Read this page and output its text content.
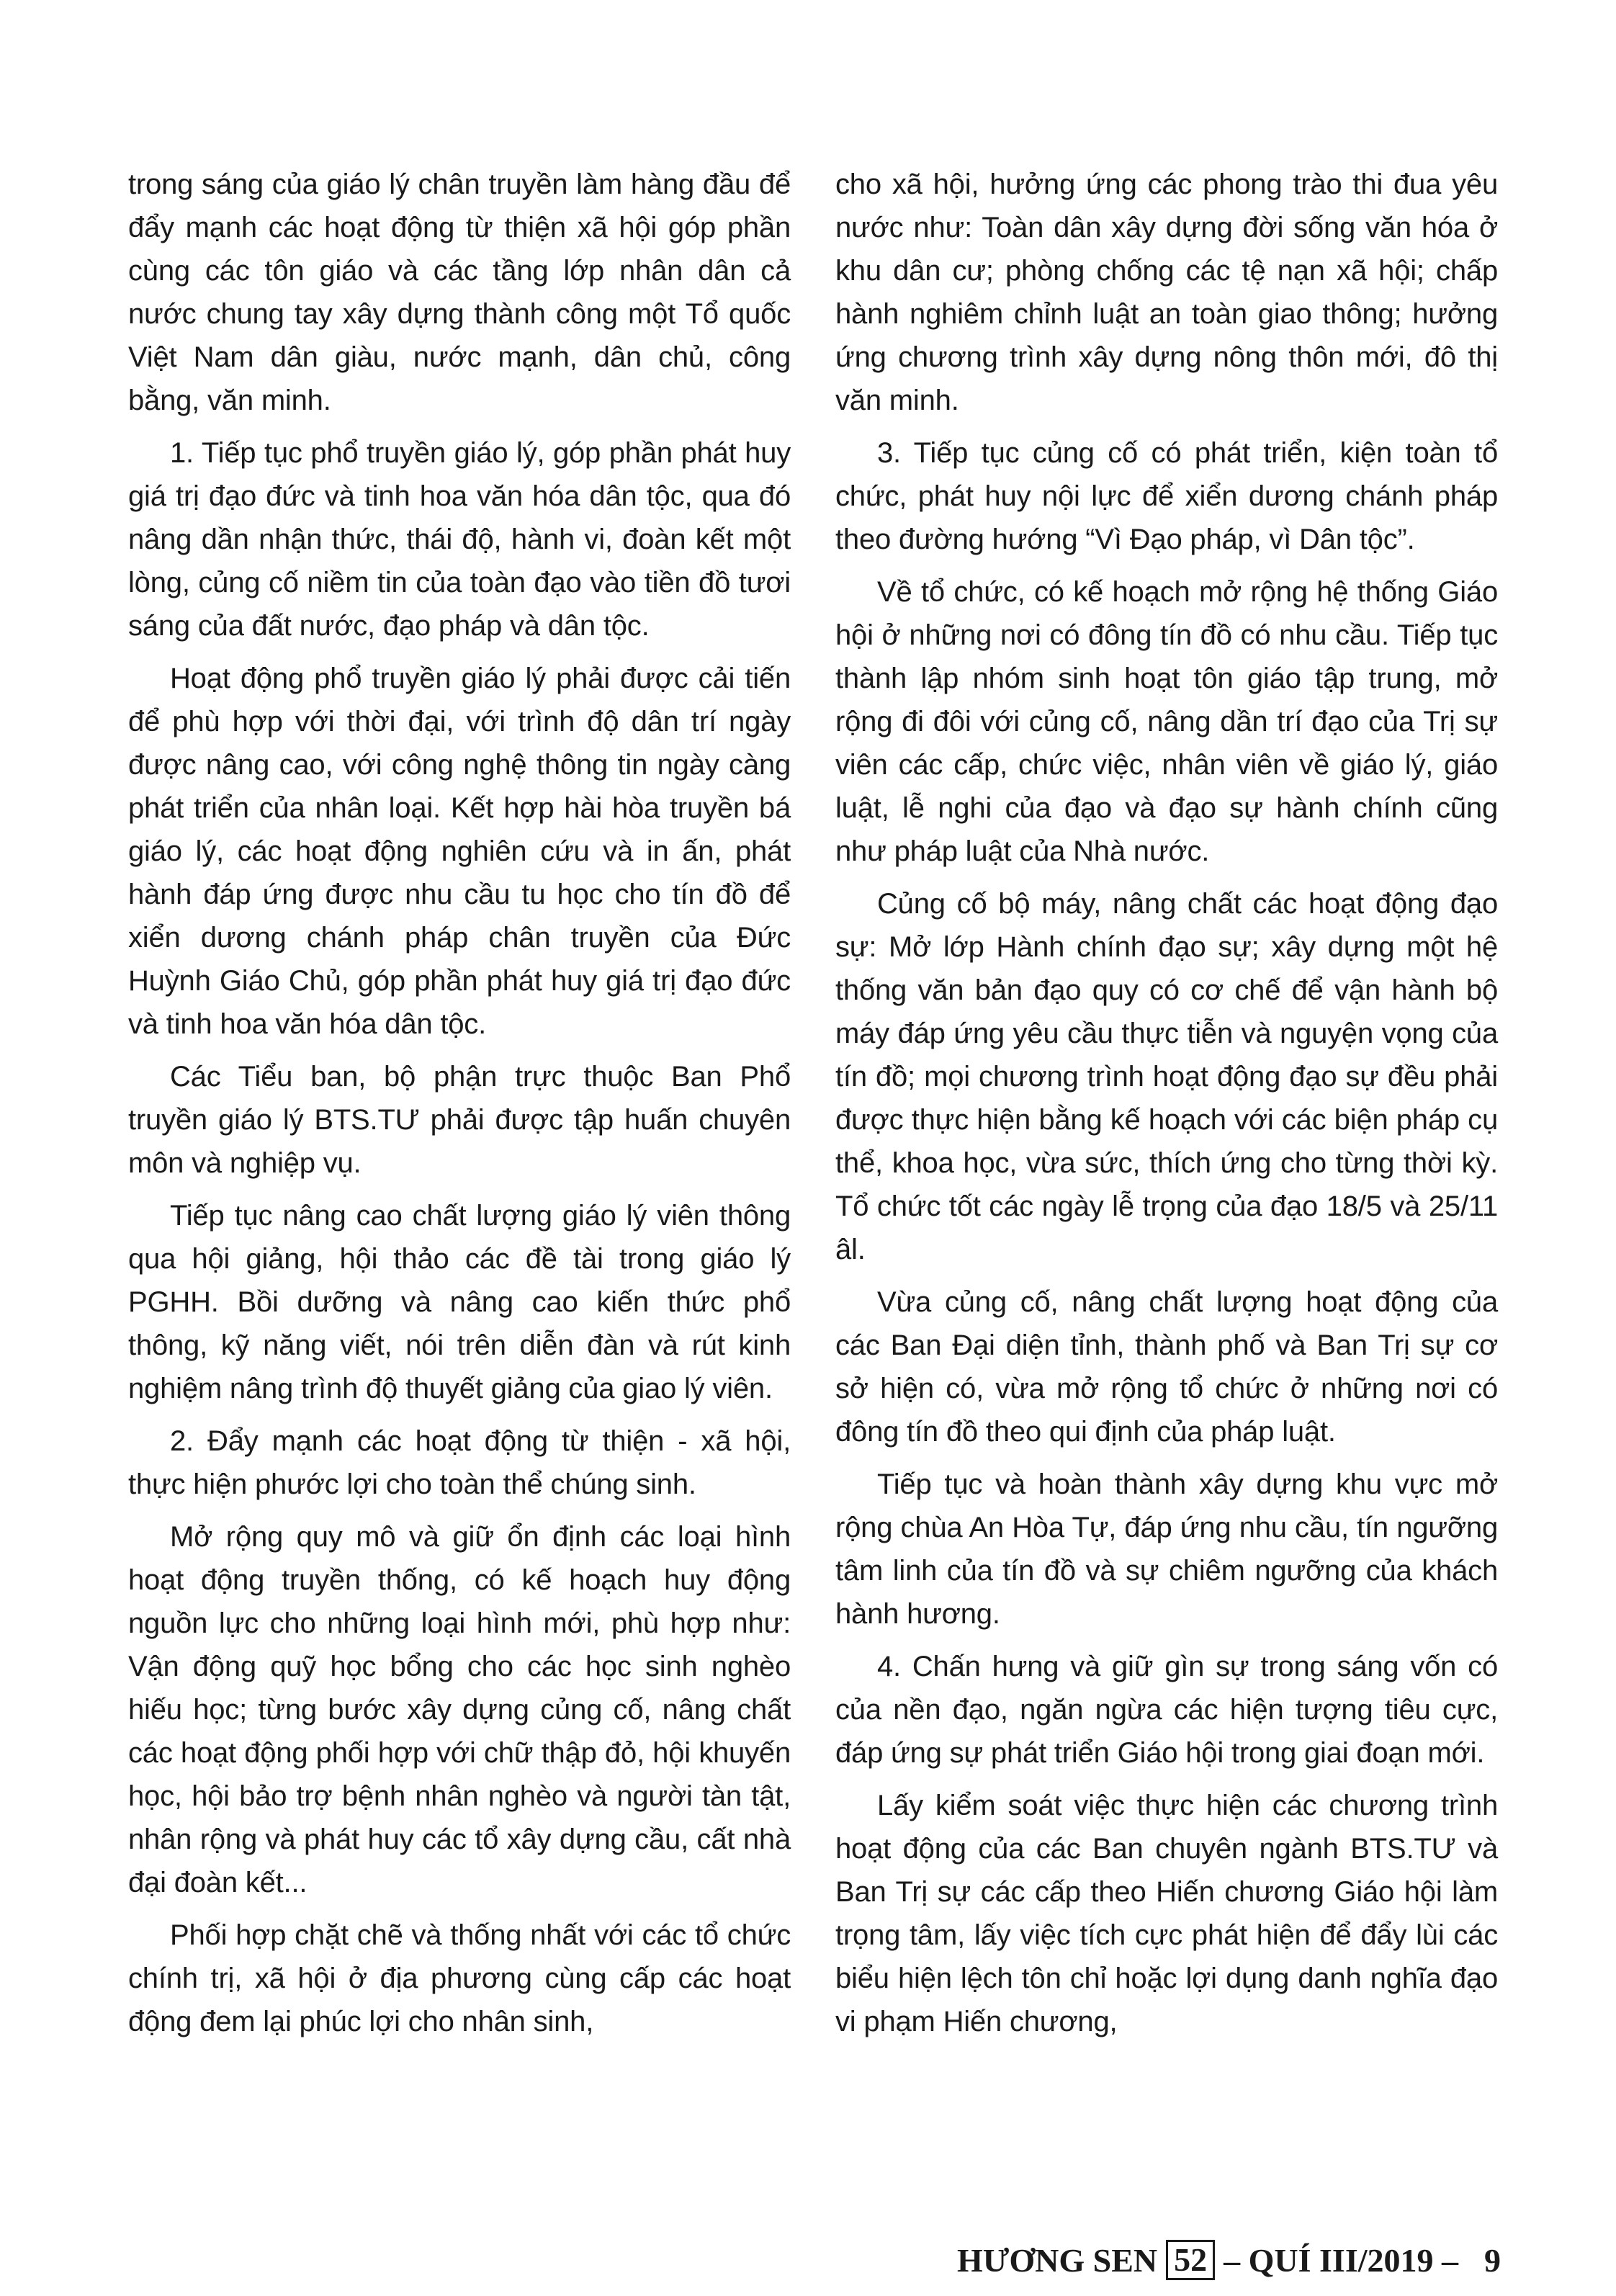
trong sáng của giáo lý chân truyền làm hàng đầu để đẩy mạnh các hoạt động từ thiện xã hội góp phần cùng các tôn giáo và các tầng lớp nhân dân cả nước chung tay xây dựng thành công một Tổ quốc Việt Nam dân giàu, nước mạnh, dân chủ, công bằng, văn minh.

1. Tiếp tục phổ truyền giáo lý, góp phần phát huy giá trị đạo đức và tinh hoa văn hóa dân tộc, qua đó nâng dần nhận thức, thái độ, hành vi, đoàn kết một lòng, củng cố niềm tin của toàn đạo vào tiền đồ tươi sáng của đất nước, đạo pháp và dân tộc.

Hoạt động phổ truyền giáo lý phải được cải tiến để phù hợp với thời đại, với trình độ dân trí ngày được nâng cao, với công nghệ thông tin ngày càng phát triển của nhân loại. Kết hợp hài hòa truyền bá giáo lý, các hoạt động nghiên cứu và in ấn, phát hành đáp ứng được nhu cầu tu học cho tín đồ để xiển dương chánh pháp chân truyền của Đức Huỳnh Giáo Chủ, góp phần phát huy giá trị đạo đức và tinh hoa văn hóa dân tộc.

Các Tiểu ban, bộ phận trực thuộc Ban Phổ truyền giáo lý BTS.TƯ phải được tập huấn chuyên môn và nghiệp vụ.

Tiếp tục nâng cao chất lượng giáo lý viên thông qua hội giảng, hội thảo các đề tài trong giáo lý PGHH. Bồi dưỡng và nâng cao kiến thức phổ thông, kỹ năng viết, nói trên diễn đàn và rút kinh nghiệm nâng trình độ thuyết giảng của giao lý viên.

2. Đẩy mạnh các hoạt động từ thiện - xã hội, thực hiện phước lợi cho toàn thể chúng sinh.

Mở rộng quy mô và giữ ổn định các loại hình hoạt động truyền thống, có kế hoạch huy động nguồn lực cho những loại hình mới, phù hợp như: Vận động quỹ học bổng cho các học sinh nghèo hiếu học; từng bước xây dựng củng cố, nâng chất các hoạt động phối hợp với chữ thập đỏ, hội khuyến học, hội bảo trợ bệnh nhân nghèo và người tàn tật, nhân rộng và phát huy các tổ xây dựng cầu, cất nhà đại đoàn kết...

Phối hợp chặt chẽ và thống nhất với các tổ chức chính trị, xã hội ở địa phương cùng cấp các hoạt động đem lại phúc lợi cho nhân sinh,

cho xã hội, hưởng ứng các phong trào thi đua yêu nước như: Toàn dân xây dựng đời sống văn hóa ở khu dân cư; phòng chống các tệ nạn xã hội; chấp hành nghiêm chỉnh luật an toàn giao thông; hưởng ứng chương trình xây dựng nông thôn mới, đô thị văn minh.

3. Tiếp tục củng cố có phát triển, kiện toàn tổ chức, phát huy nội lực để xiển dương chánh pháp theo đường hướng “Vì Đạo pháp, vì Dân tộc”.

Về tổ chức, có kế hoạch mở rộng hệ thống Giáo hội ở những nơi có đông tín đồ có nhu cầu. Tiếp tục thành lập nhóm sinh hoạt tôn giáo tập trung, mở rộng đi đôi với củng cố, nâng dần trí đạo của Trị sự viên các cấp, chức việc, nhân viên về giáo lý, giáo luật, lễ nghi của đạo và đạo sự hành chính cũng như pháp luật của Nhà nước.

Củng cố bộ máy, nâng chất các hoạt động đạo sự: Mở lớp Hành chính đạo sự; xây dựng một hệ thống văn bản đạo quy có cơ chế để vận hành bộ máy đáp ứng yêu cầu thực tiễn và nguyện vọng của tín đồ; mọi chương trình hoạt động đạo sự đều phải được thực hiện bằng kế hoạch với các biện pháp cụ thể, khoa học, vừa sức, thích ứng cho từng thời kỳ. Tổ chức tốt các ngày lễ trọng của đạo 18/5 và 25/11 âl.

Vừa củng cố, nâng chất lượng hoạt động của các Ban Đại diện tỉnh, thành phố và Ban Trị sự cơ sở hiện có, vừa mở rộng tổ chức ở những nơi có đông tín đồ theo qui định của pháp luật.

Tiếp tục và hoàn thành xây dựng khu vực mở rộng chùa An Hòa Tự, đáp ứng nhu cầu, tín ngưỡng tâm linh của tín đồ và sự chiêm ngưỡng của khách hành hương.

4. Chấn hưng và giữ gìn sự trong sáng vốn có của nền đạo, ngăn ngừa các hiện tượng tiêu cực, đáp ứng sự phát triển Giáo hội trong giai đoạn mới.

Lấy kiểm soát việc thực hiện các chương trình hoạt động của các Ban chuyên ngành BTS.TƯ và Ban Trị sự các cấp theo Hiến chương Giáo hội làm trọng tâm, lấy việc tích cực phát hiện để đẩy lùi các biểu hiện lệch tôn chỉ hoặc lợi dụng danh nghĩa đạo vi phạm Hiến chương,

HƯƠNG SEN 52 – QUÍ III/2019 – 9
